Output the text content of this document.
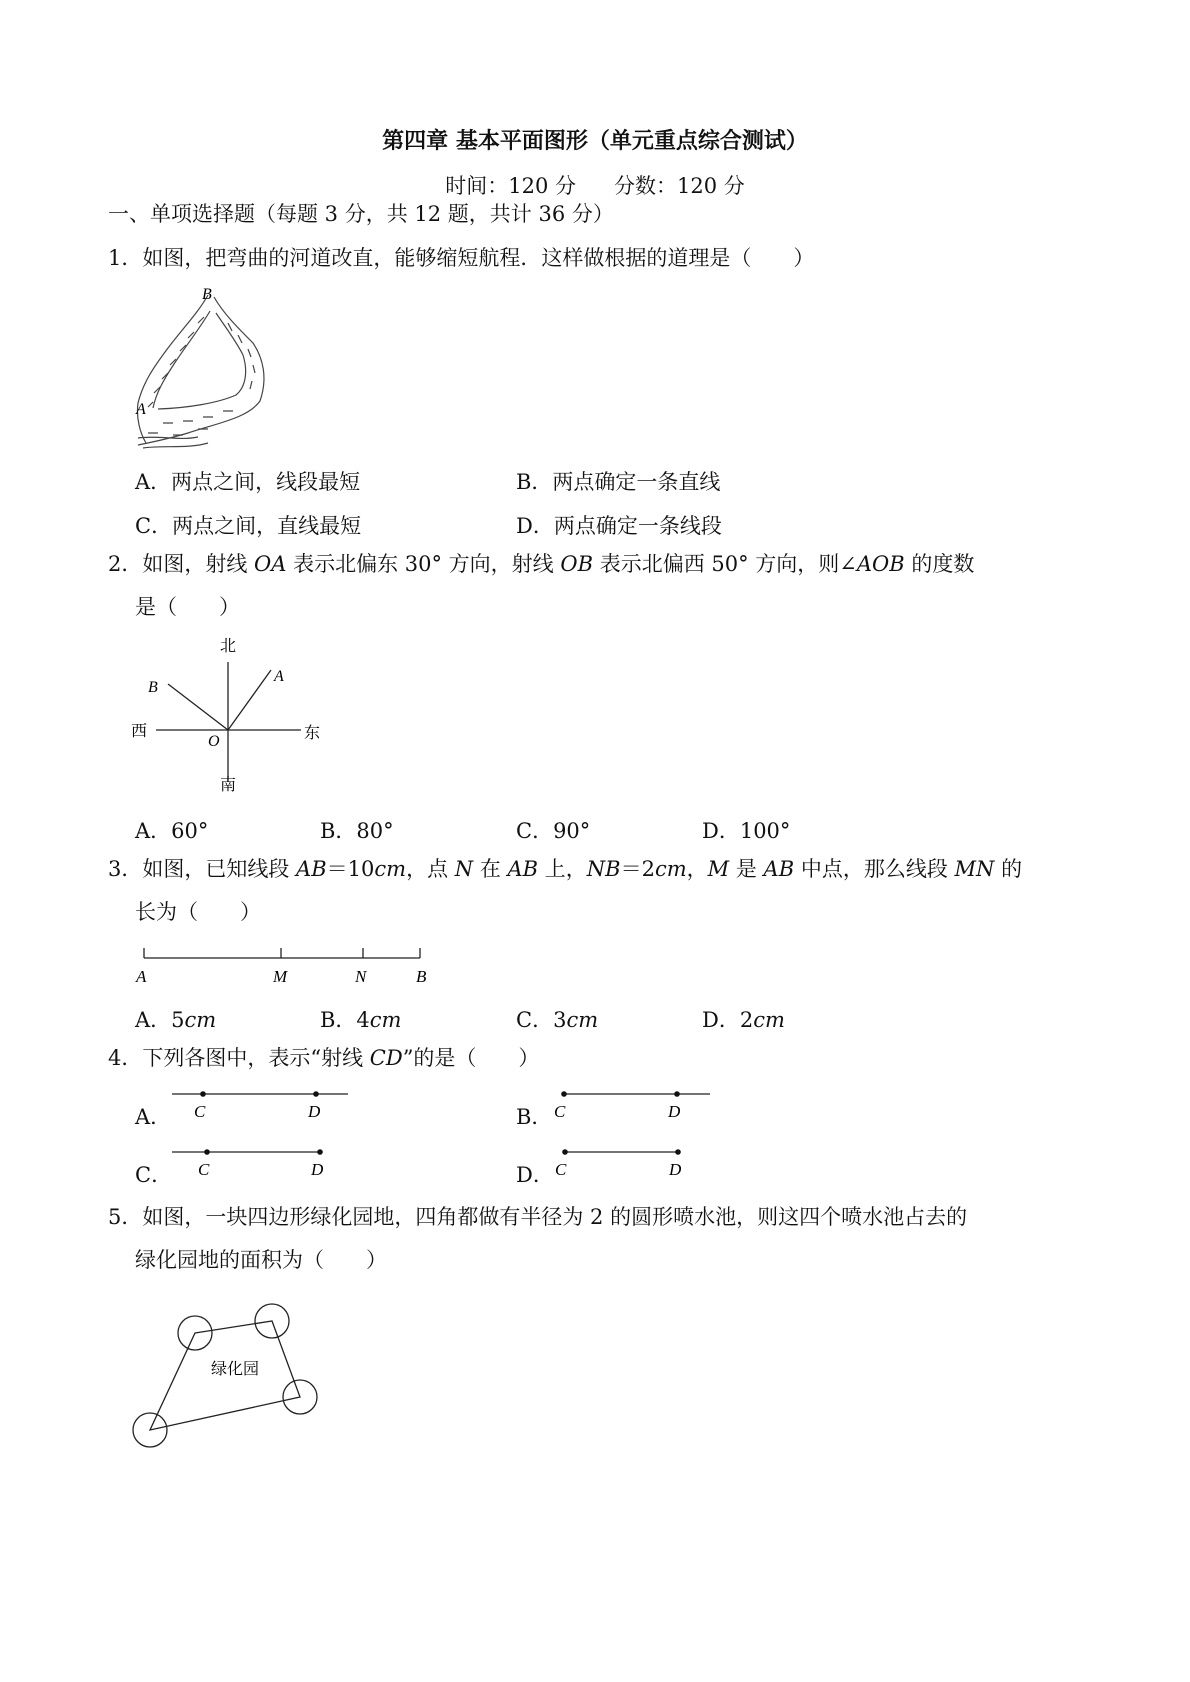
第四章 基本平面图形（单元重点综合测试）
时间：120 分 分数：120 分
一、单项选择题（每题 3 分，共 12 题，共计 36 分）
1．如图，把弯曲的河道改直，能够缩短航程．这样做根据的道理是（　　）
B
A
A．两点之间，线段最短	B．两点确定一条直线
C．两点之间，直线最短	D．两点确定一条线段
2．如图，射线 OA 表示北偏东 30° 方向，射线 OB 表示北偏西 50° 方向，则∠AOB 的度数
是（　　）
北
南
西	东
B
A
O
A．60°	B．80°	C．90°	D．100°
3．如图，已知线段 AB＝10cm，点 N 在 AB 上，NB＝2cm，M 是 AB 中点，那么线段 MN 的
长为（　　）
A	M	N	B
A．5cm	B．4cm	C．3cm	D．2cm
4．下列各图中，表示“射线 CD”的是（　　）
A． C	D	B． C	D
C． C	D	D． C	D
5．如图，一块四边形绿化园地，四角都做有半径为 2 的圆形喷水池，则这四个喷水池占去的
绿化园地的面积为（　　）
绿化园
